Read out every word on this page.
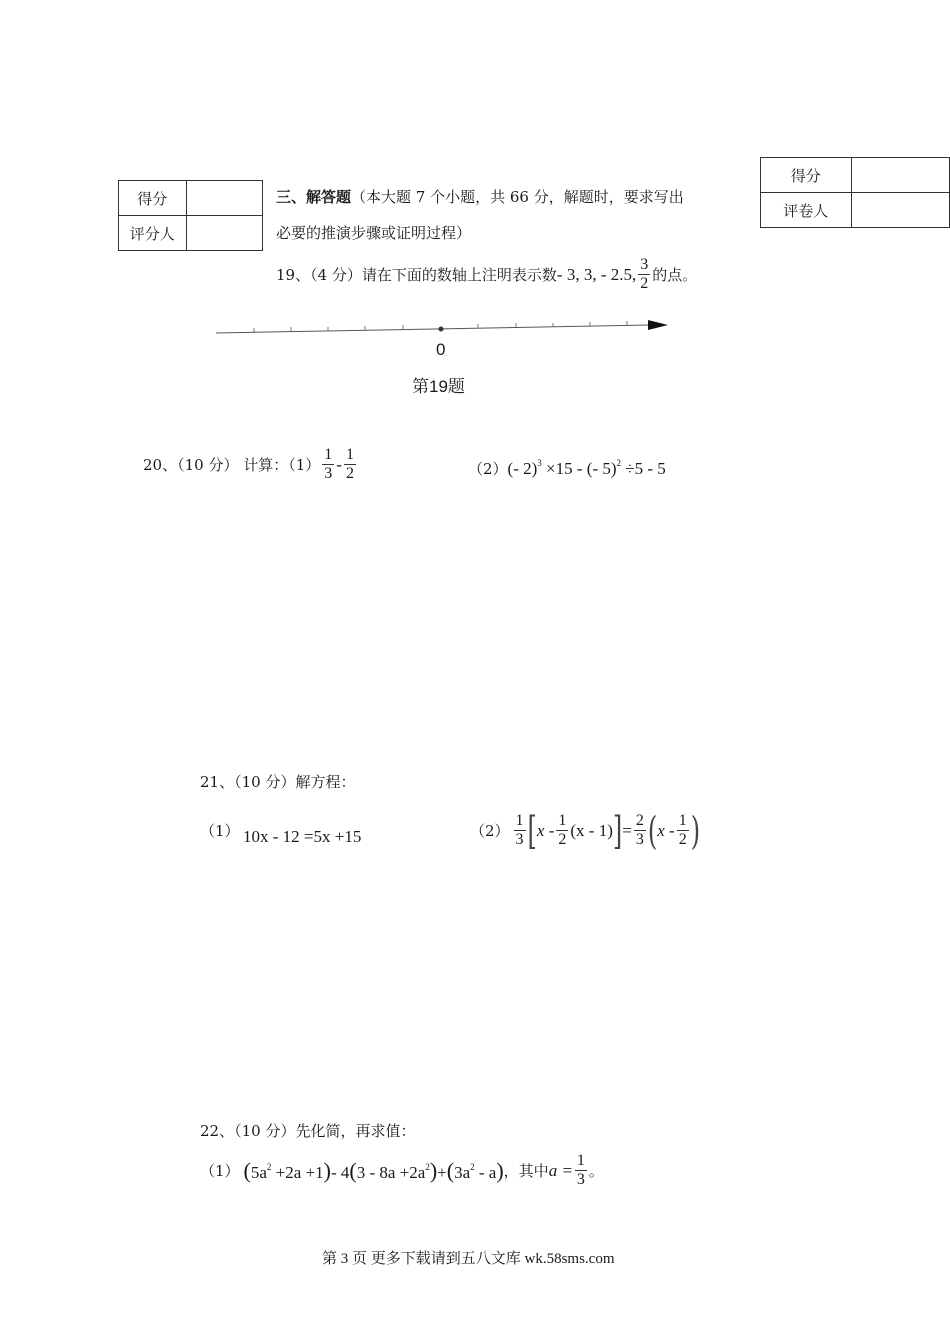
得分	
评卷人	
得分	
评分人	
三、解答题（本大题 7 个小题，共 66 分，解题时，要求写出
必要的推演步骤或证明过程）
19、（4 分）请在下面的数轴上注明表示数 - 3, 3, - 2.5, $\frac{3}{2}$ 的点。
0
第19题
20、（10 分） 计算：$(1) \frac{1}{3} - \frac{1}{2}$	（2） (- 2)$^3$ ×15 - (- 5)$^2$ ÷5 - 5
21、（10 分）解方程：
（1） 10x - 12 =5x +15	$(2) \frac{1}{3}$ [ x - $\frac{1}{2} (x - 1)$ ] = $\frac{2}{3}$ ( x - $\frac{1}{2}$ )
22、（10 分）先化简，再求值：
（1） $(5a^2 +2a +1)-$ $4(3 - 8a +2a^2)+(3a^2 - a)$ ，其中 $a = \frac{1}{3}$ 。
第 3 页 更多下载请到五八文库 wk.58sms.com
